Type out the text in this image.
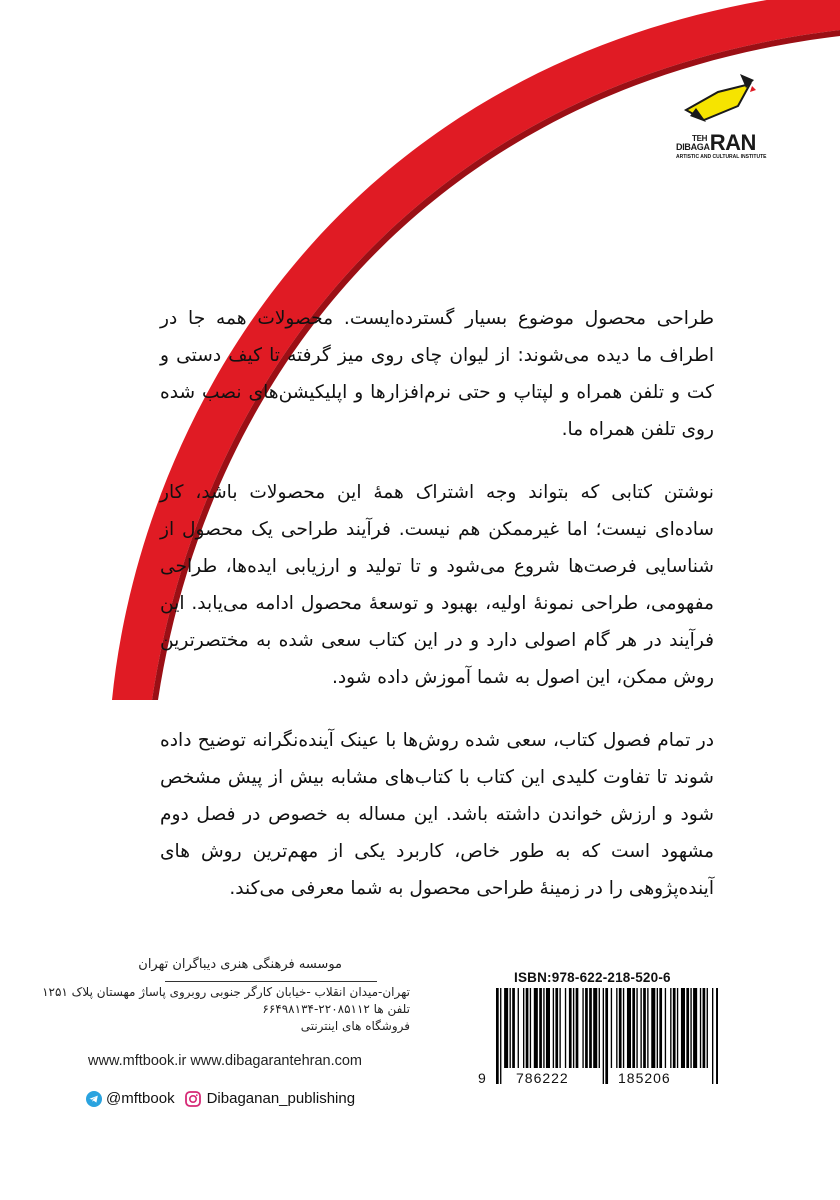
TEH
DIBAGARAN
ARTISTIC AND CULTURAL INSTITUTE

طراحی محصول موضوع بسیار گسترده‌ایست. محصولات همه جا در اطراف ما دیده می‌شوند: از لیوان چای روی میز گرفته تا کیف دستی و کت و تلفن همراه و لپتاپ و حتی نرم‌افزارها و اپلیکیشن‌های نصب شده روی تلفن همراه ما.

نوشتن کتابی که بتواند وجه اشتراک همهٔ این محصولات باشد، کار ساده‌ای نیست؛ اما غیرممکن هم نیست. فرآیند طراحی یک محصول از شناسایی فرصت‌ها شروع می‌شود و تا تولید و ارزیابی ایده‌ها، طراحی مفهومی، طراحی نمونهٔ اولیه، بهبود و توسعهٔ محصول ادامه می‌یابد. این فرآیند در هر گام اصولی دارد و در این کتاب سعی شده به مختصرترین روش ممکن، این اصول به شما آموزش داده شود.

در تمام فصول کتاب، سعی شده روش‌ها با عینک آینده‌نگرانه توضیح داده شوند تا تفاوت کلیدی این کتاب با کتاب‌های مشابه بیش از پیش مشخص شود و ارزش خواندن داشته باشد. این مساله به خصوص در فصل دوم مشهود است که به طور خاص، کاربرد یکی از مهم‌ترین روش های آینده‌پژوهی را در زمینهٔ طراحی محصول به شما معرفی می‌کند.

موسسه فرهنگی هنری دیباگران تهران
تهران-میدان انقلاب -خیابان کارگر جنوبی روبروی پاساژ مهستان پلاک ۱۲۵۱
تلفن ها ۲۲۰۸۵۱۱۲-۶۶۴۹۸۱۳۴
فروشگاه های اینترنتی
www.mftbook.ir www.dibagarantehran.com
@mftbook Dibaganan_publishing
ISBN:978-622-218-520-6
9 786222	185206
